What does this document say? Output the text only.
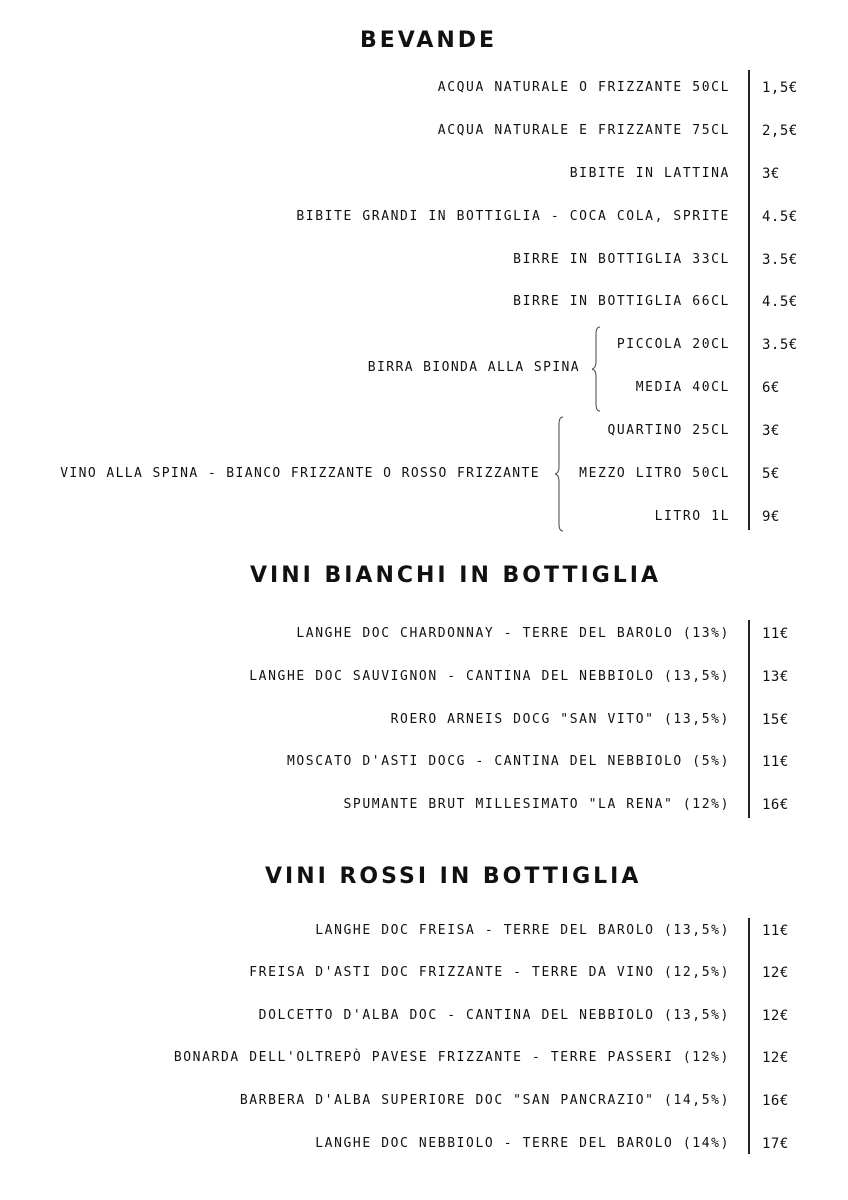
BEVANDE
ACQUA NATURALE O FRIZZANTE 50CL 1,5€
ACQUA NATURALE E FRIZZANTE 75CL 2,5€
BIBITE IN LATTINA 3€
BIBITE GRANDI IN BOTTIGLIA - COCA COLA, SPRITE 4.5€
BIRRE IN BOTTIGLIA 33CL 3.5€
BIRRE IN BOTTIGLIA 66CL 4.5€
BIRRA BIONDA ALLA SPINA
PICCOLA 20CL 3.5€
MEDIA 40CL 6€
VINO ALLA SPINA - BIANCO FRIZZANTE O ROSSO FRIZZANTE
QUARTINO 25CL 3€
MEZZO LITRO 50CL 5€
LITRO 1L 9€
VINI BIANCHI IN BOTTIGLIA
LANGHE DOC CHARDONNAY - TERRE DEL BAROLO (13%) 11€
LANGHE DOC SAUVIGNON - CANTINA DEL NEBBIOLO (13,5%) 13€
ROERO ARNEIS DOCG "SAN VITO" (13,5%) 15€
MOSCATO D'ASTI DOCG - CANTINA DEL NEBBIOLO (5%) 11€
SPUMANTE BRUT MILLESIMATO "LA RENA" (12%) 16€
VINI ROSSI IN BOTTIGLIA
LANGHE DOC FREISA - TERRE DEL BAROLO (13,5%) 11€
FREISA D'ASTI DOC FRIZZANTE - TERRE DA VINO (12,5%) 12€
DOLCETTO D'ALBA DOC - CANTINA DEL NEBBIOLO (13,5%) 12€
BONARDA DELL'OLTREPÒ PAVESE FRIZZANTE - TERRE PASSERI (12%) 12€
BARBERA D'ALBA SUPERIORE DOC "SAN PANCRAZIO" (14,5%) 16€
LANGHE DOC NEBBIOLO - TERRE DEL BAROLO (14%) 17€
